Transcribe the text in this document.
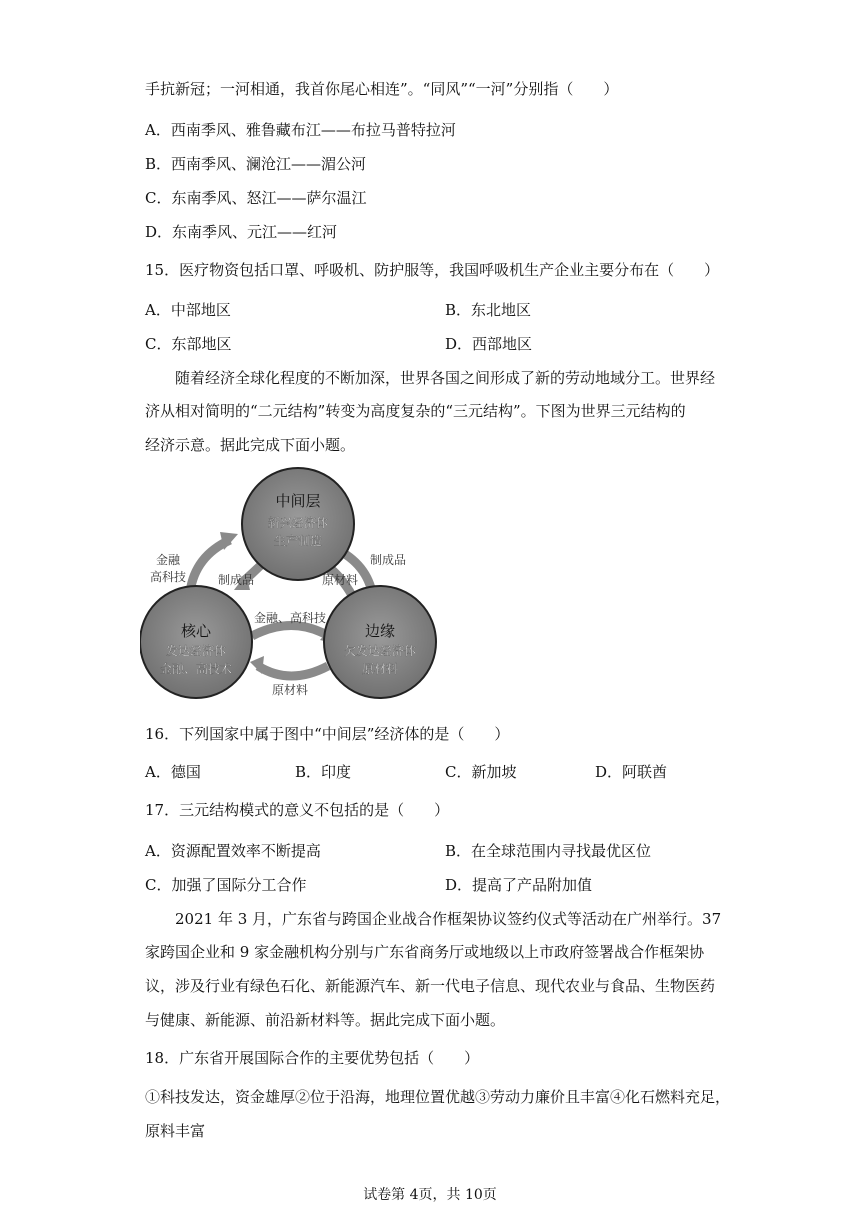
手抗新冠；一河相通，我首你尾心相连”。“同风”“一河”分别指（　　）
A．西南季风、雅鲁藏布江——布拉马普特拉河
B．西南季风、澜沧江——湄公河
C．东南季风、怒江——萨尔温江
D．东南季风、元江——红河
15．医疗物资包括口罩、呼吸机、防护服等，我国呼吸机生产企业主要分布在（　　）
A．中部地区	B．东北地区
C．东部地区	D．西部地区
随着经济全球化程度的不断加深，世界各国之间形成了新的劳动地域分工。世界经
济从相对简明的“二元结构”转变为高度复杂的“三元结构”。下图为世界三元结构的
经济示意。据此完成下面小题。
中间层
新兴经济体
生产制造
核心
发达经济体
金融、高技术
边缘
欠发达经济体
原材料
金融
高科技	制成品
制成品
原材料
金融、高科技
原材料
16．下列国家中属于图中“中间层”经济体的是（　　）
A．德国	B．印度	C．新加坡	D．阿联酋
17．三元结构模式的意义不包括的是（　　）
A．资源配置效率不断提高	B．在全球范围内寻找最优区位
C．加强了国际分工合作	D．提高了产品附加值
2021 年 3 月，广东省与跨国企业战合作框架协议签约仪式等活动在广州举行。37
家跨国企业和 9 家金融机构分别与广东省商务厅或地级以上市政府签署战合作框架协
议，涉及行业有绿色石化、新能源汽车、新一代电子信息、现代农业与食品、生物医药
与健康、新能源、前沿新材料等。据此完成下面小题。
18．广东省开展国际合作的主要优势包括（　　）
①科技发达，资金雄厚②位于沿海，地理位置优越③劳动力廉价且丰富④化石燃料充足，
原料丰富
试卷第 4页，共 10页
